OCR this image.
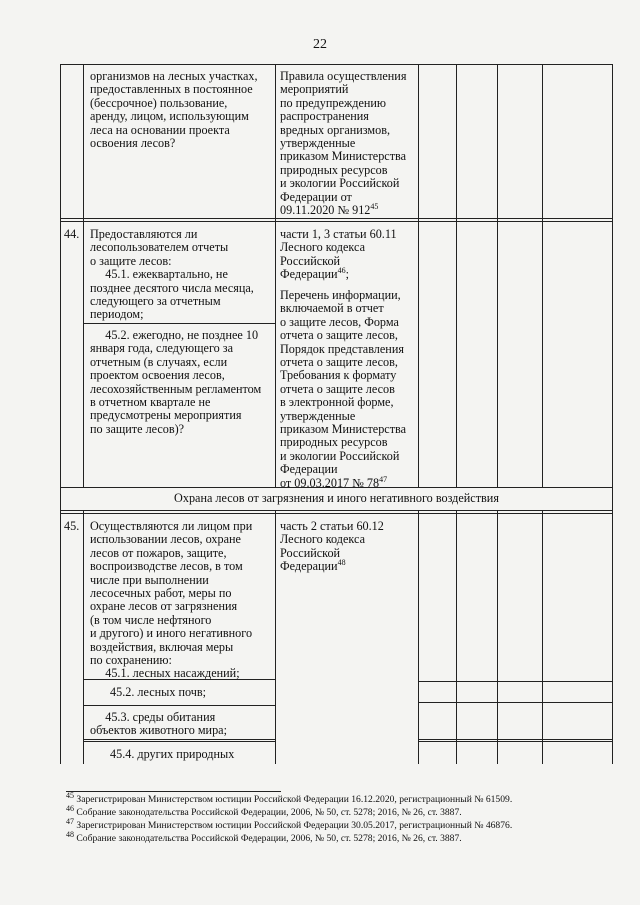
22
организмов на лесных участках,
предоставленных в постоянное
(бессрочное) пользование,
аренду, лицом, использующим
леса на основании проекта
освоения лесов?
Правила осуществления
мероприятий
по предупреждению
распространения
вредных организмов,
утвержденные
приказом Министерства
природных ресурсов
и экологии Российской
Федерации от
09.11.2020 № $912^{45}$
44. Предоставляются ли
лесопользователем отчеты
о защите лесов:
45.1. ежеквартально, не
позднее десятого числа месяца,
следующего за отчетным
периодом;
45.2. ежегодно, не позднее 10
января года, следующего за
отчетным (в случаях, если
проектом освоения лесов,
лесохозяйственным регламентом
в отчетном квартале не
предусмотрены мероприятия
по защите лесов)?
части 1, 3 статьи 60.11
Лесного кодекса
Российской
Федерации$^{46}$;
Перечень информации,
включаемой в отчет
о защите лесов, Форма
отчета о защите лесов,
Порядок представления
отчета о защите лесов,
Требования к формату
отчета о защите лесов
в электронной форме,
утвержденные
приказом Министерства
природных ресурсов
и экологии Российской
Федерации
от 09.03.2017 № $78^{47}$
Охрана лесов от загрязнения и иного негативного воздействия
45. Осуществляются ли лицом при
использовании лесов, охране
лесов от пожаров, защите,
воспроизводстве лесов, в том
числе при выполнении
лесосечных работ, меры по
охране лесов от загрязнения
(в том числе нефтяного
и другого) и иного негативного
воздействия, включая меры
по сохранению:
45.1. лесных насаждений;
часть 2 статьи 60.12
Лесного кодекса
Российской
Федерации$^{48}$
45.2. лесных почв;
45.3. среды обитания
объектов животного мира;
45.4. других природных
$^{45}$ Зарегистрирован Министерством юстиции Российской Федерации 16.12.2020, регистрационный № 61509.
$^{46}$ Собрание законодательства Российской Федерации, 2006, № 50, ст. 5278; 2016, № 26, ст. 3887.
$^{47}$ Зарегистрирован Министерством юстиции Российской Федерации 30.05.2017, регистрационный № 46876.
$^{48}$ Собрание законодательства Российской Федерации, 2006, № 50, ст. 5278; 2016, № 26, ст. 3887.
